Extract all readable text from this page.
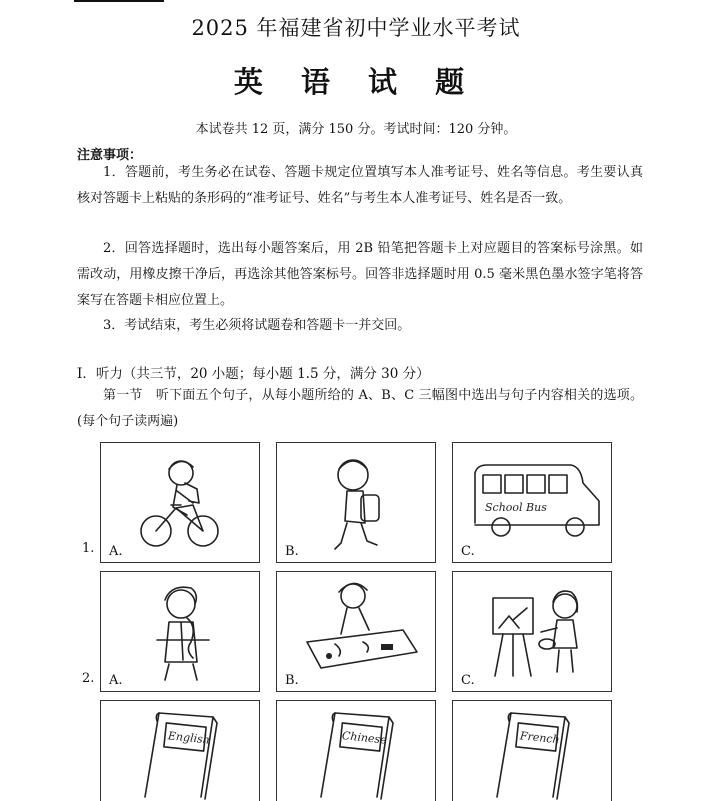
2025 年福建省初中学业水平考试
英 语 试 题
本试卷共 12 页，满分 150 分。考试时间：120 分钟。
注意事项：
1．答题前，考生务必在试卷、答题卡规定位置填写本人准考证号、姓名等信息。考生要认真核对答题卡上粘贴的条形码的“准考证号、姓名”与考生本人准考证号、姓名是否一致。
2．回答选择题时，选出每小题答案后，用 2B 铅笔把答题卡上对应题目的答案标号涂黑。如需改动，用橡皮擦干净后，再选涂其他答案标号。回答非选择题时用 0.5 毫米黑色墨水签字笔将答案写在答题卡相应位置上。
3．考试结束，考生必须将试题卷和答题卡一并交回。
Ⅰ．听力（共三节，20 小题；每小题 1.5 分，满分 30 分）
第一节　听下面五个句子，从每小题所给的 A、B、C 三幅图中选出与句子内容相关的选项。(每个句子读两遍)
1. A.	B.
School Bus
C.
2. A.	B.	C.
English	Chinese	French
